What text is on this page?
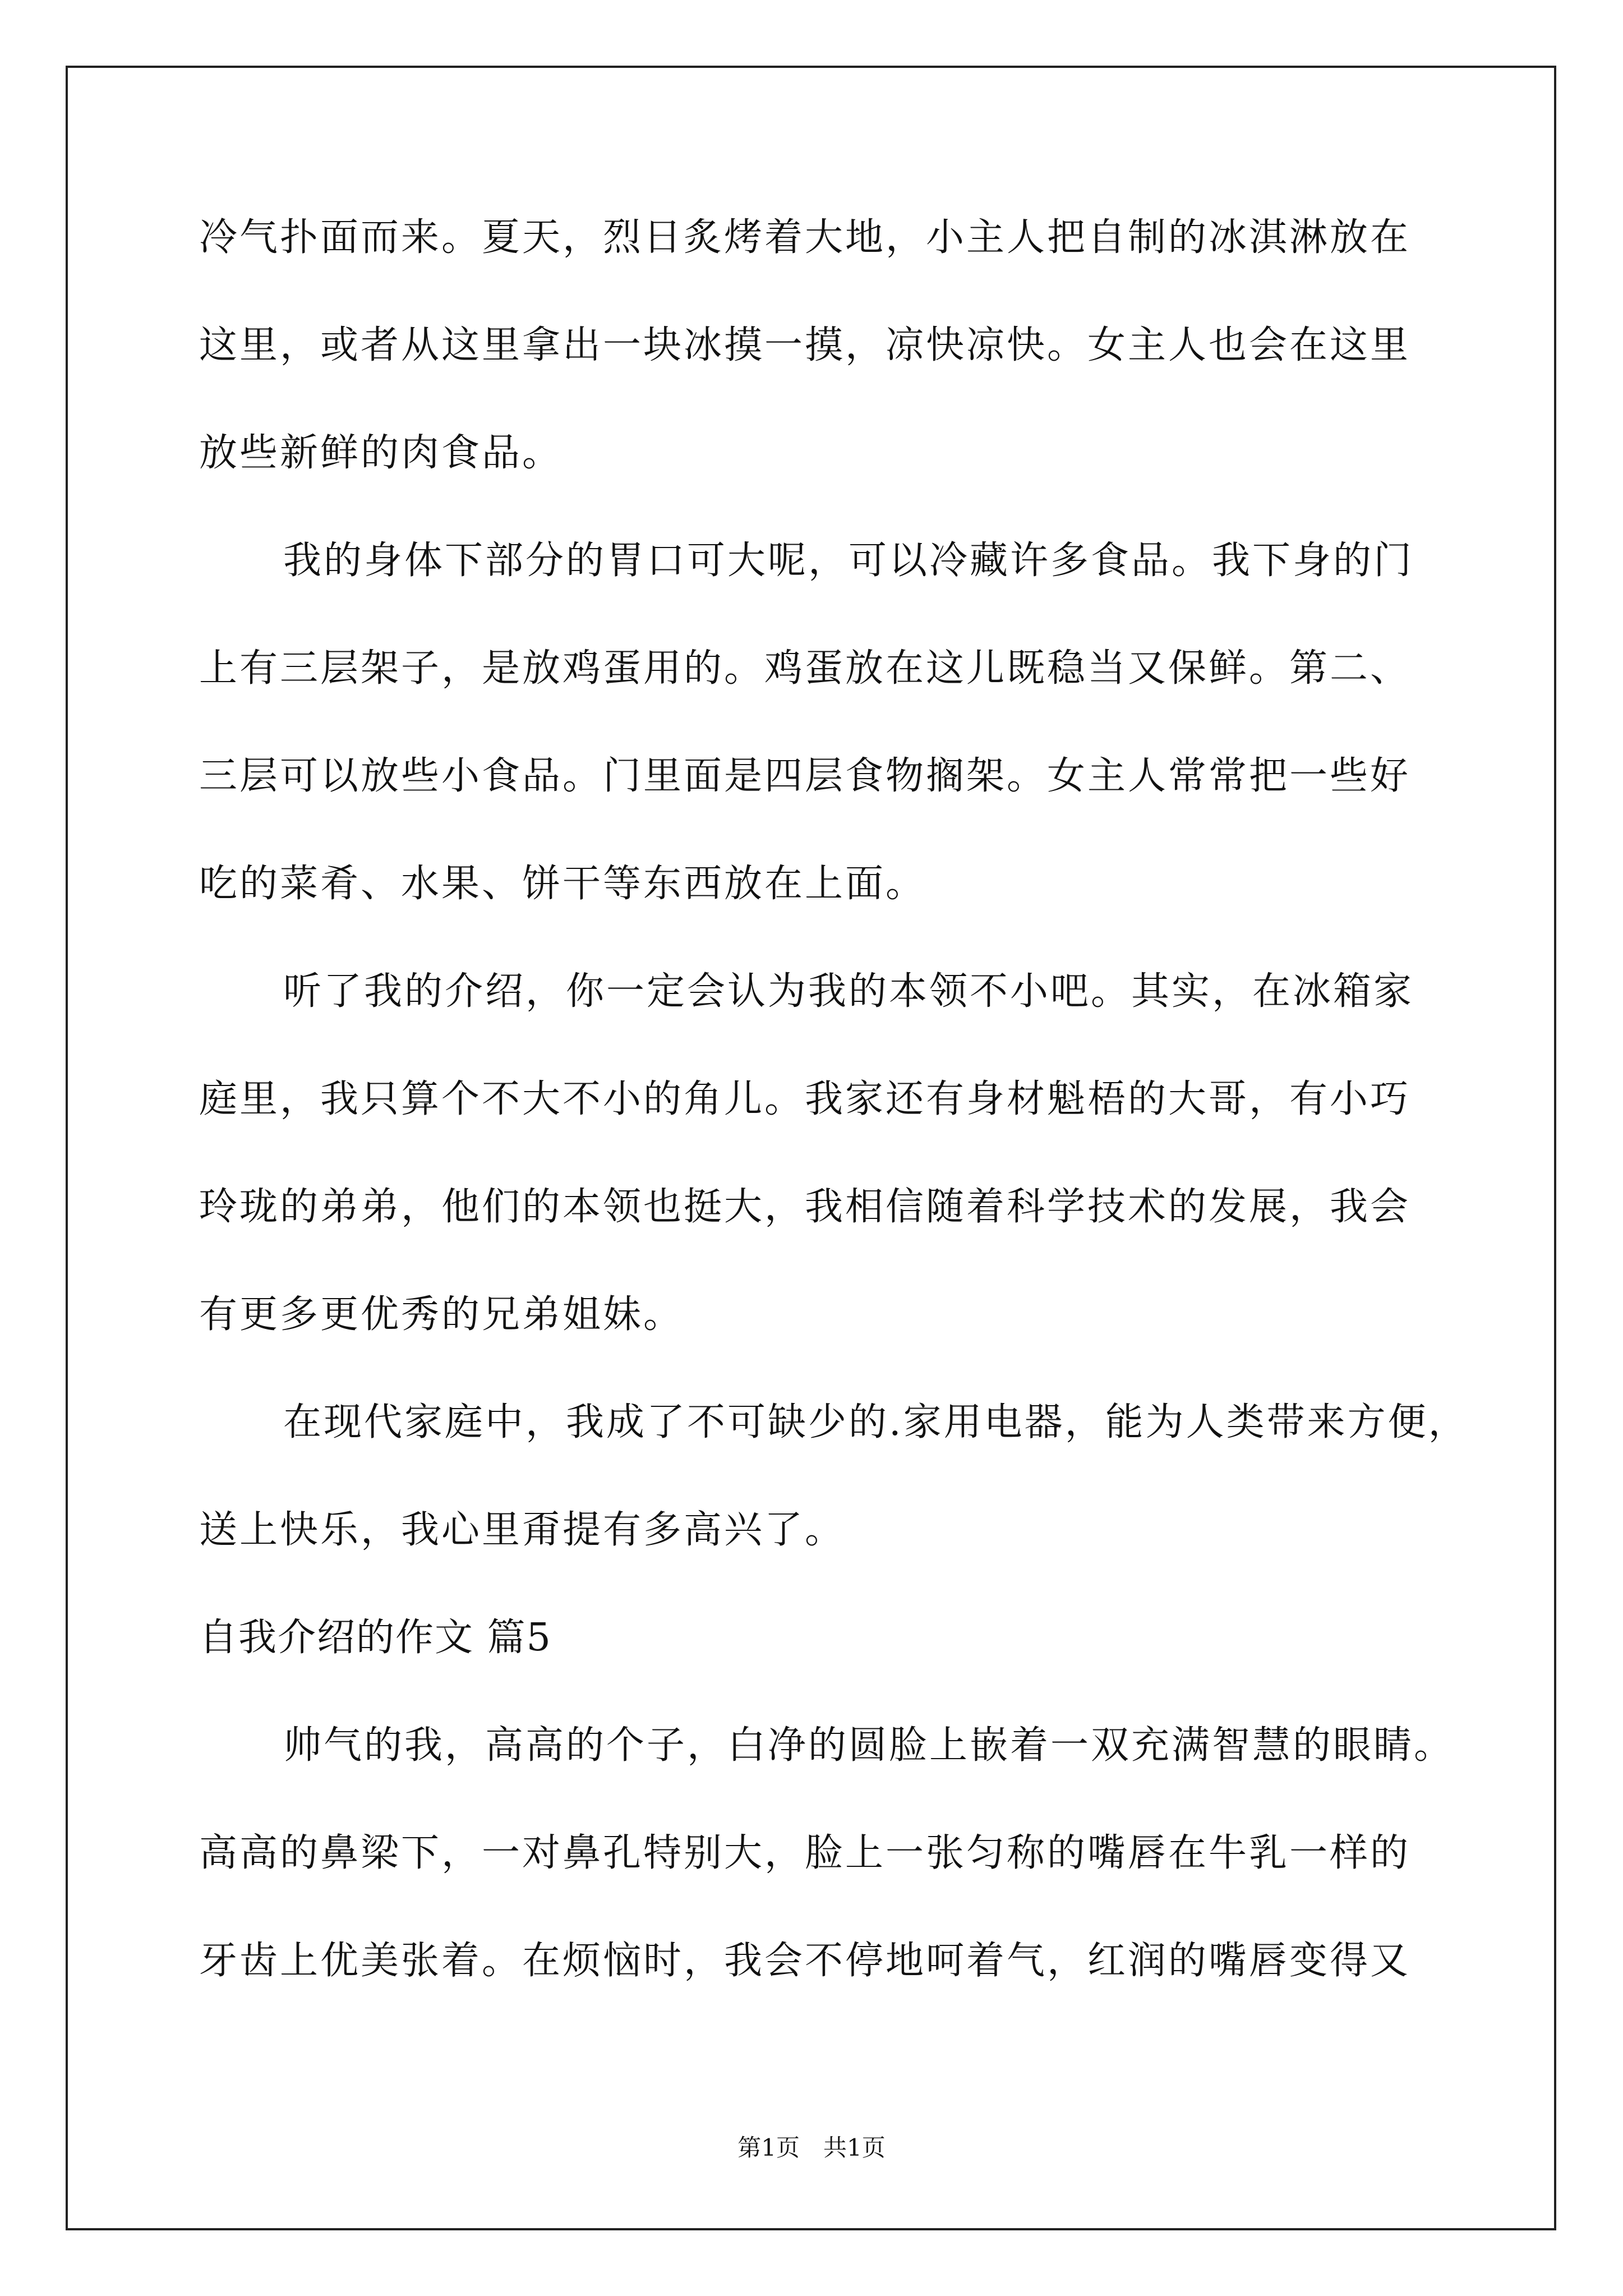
冷气扑面而来。夏天，烈日炙烤着大地，小主人把自制的冰淇淋放在
这里，或者从这里拿出一块冰摸一摸，凉快凉快。女主人也会在这里
放些新鲜的肉食品。
我的身体下部分的胃口可大呢，可以冷藏许多食品。我下身的门
上有三层架子，是放鸡蛋用的。鸡蛋放在这儿既稳当又保鲜。第二、
三层可以放些小食品。门里面是四层食物搁架。女主人常常把一些好
吃的菜肴、水果、饼干等东西放在上面。
听了我的介绍，你一定会认为我的本领不小吧。其实，在冰箱家
庭里，我只算个不大不小的角儿。我家还有身材魁梧的大哥，有小巧
玲珑的弟弟，他们的本领也挺大，我相信随着科学技术的发展，我会
有更多更优秀的兄弟姐妹。
在现代家庭中，我成了不可缺少的.家用电器，能为人类带来方便，
送上快乐，我心里甭提有多高兴了。
自我介绍的作文 篇5
帅气的我，高高的个子，白净的圆脸上嵌着一双充满智慧的眼睛。
高高的鼻梁下，一对鼻孔特别大，脸上一张匀称的嘴唇在牛乳一样的
牙齿上优美张着。在烦恼时，我会不停地呵着气，红润的嘴唇变得又
第1页　共1页
